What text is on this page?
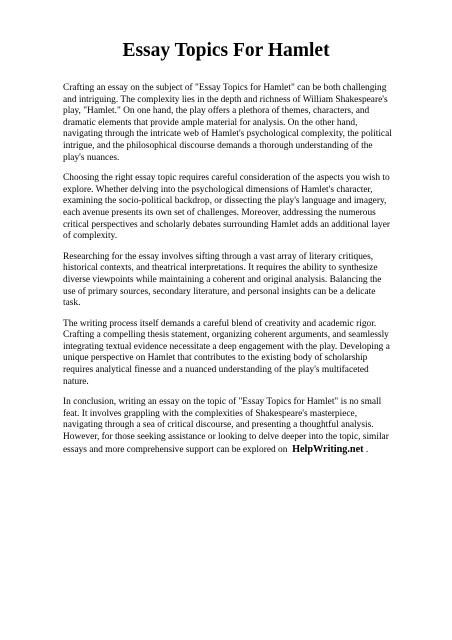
Essay Topics For Hamlet

Crafting an essay on the subject of "Essay Topics for Hamlet" can be both challenging and intriguing. The complexity lies in the depth and richness of William Shakespeare's play, "Hamlet." On one hand, the play offers a plethora of themes, characters, and dramatic elements that provide ample material for analysis. On the other hand, navigating through the intricate web of Hamlet's psychological complexity, the political intrigue, and the philosophical discourse demands a thorough understanding of the play's nuances.

Choosing the right essay topic requires careful consideration of the aspects you wish to explore. Whether delving into the psychological dimensions of Hamlet's character, examining the socio-political backdrop, or dissecting the play's language and imagery, each avenue presents its own set of challenges. Moreover, addressing the numerous critical perspectives and scholarly debates surrounding Hamlet adds an additional layer of complexity.

Researching for the essay involves sifting through a vast array of literary critiques, historical contexts, and theatrical interpretations. It requires the ability to synthesize diverse viewpoints while maintaining a coherent and original analysis. Balancing the use of primary sources, secondary literature, and personal insights can be a delicate task.

The writing process itself demands a careful blend of creativity and academic rigor. Crafting a compelling thesis statement, organizing coherent arguments, and seamlessly integrating textual evidence necessitate a deep engagement with the play. Developing a unique perspective on Hamlet that contributes to the existing body of scholarship requires analytical finesse and a nuanced understanding of the play's multifaceted nature.

In conclusion, writing an essay on the topic of "Essay Topics for Hamlet" is no small feat. It involves grappling with the complexities of Shakespeare's masterpiece, navigating through a sea of critical discourse, and presenting a thoughtful analysis. However, for those seeking assistance or looking to delve deeper into the topic, similar essays and more comprehensive support can be explored on HelpWriting.net .
